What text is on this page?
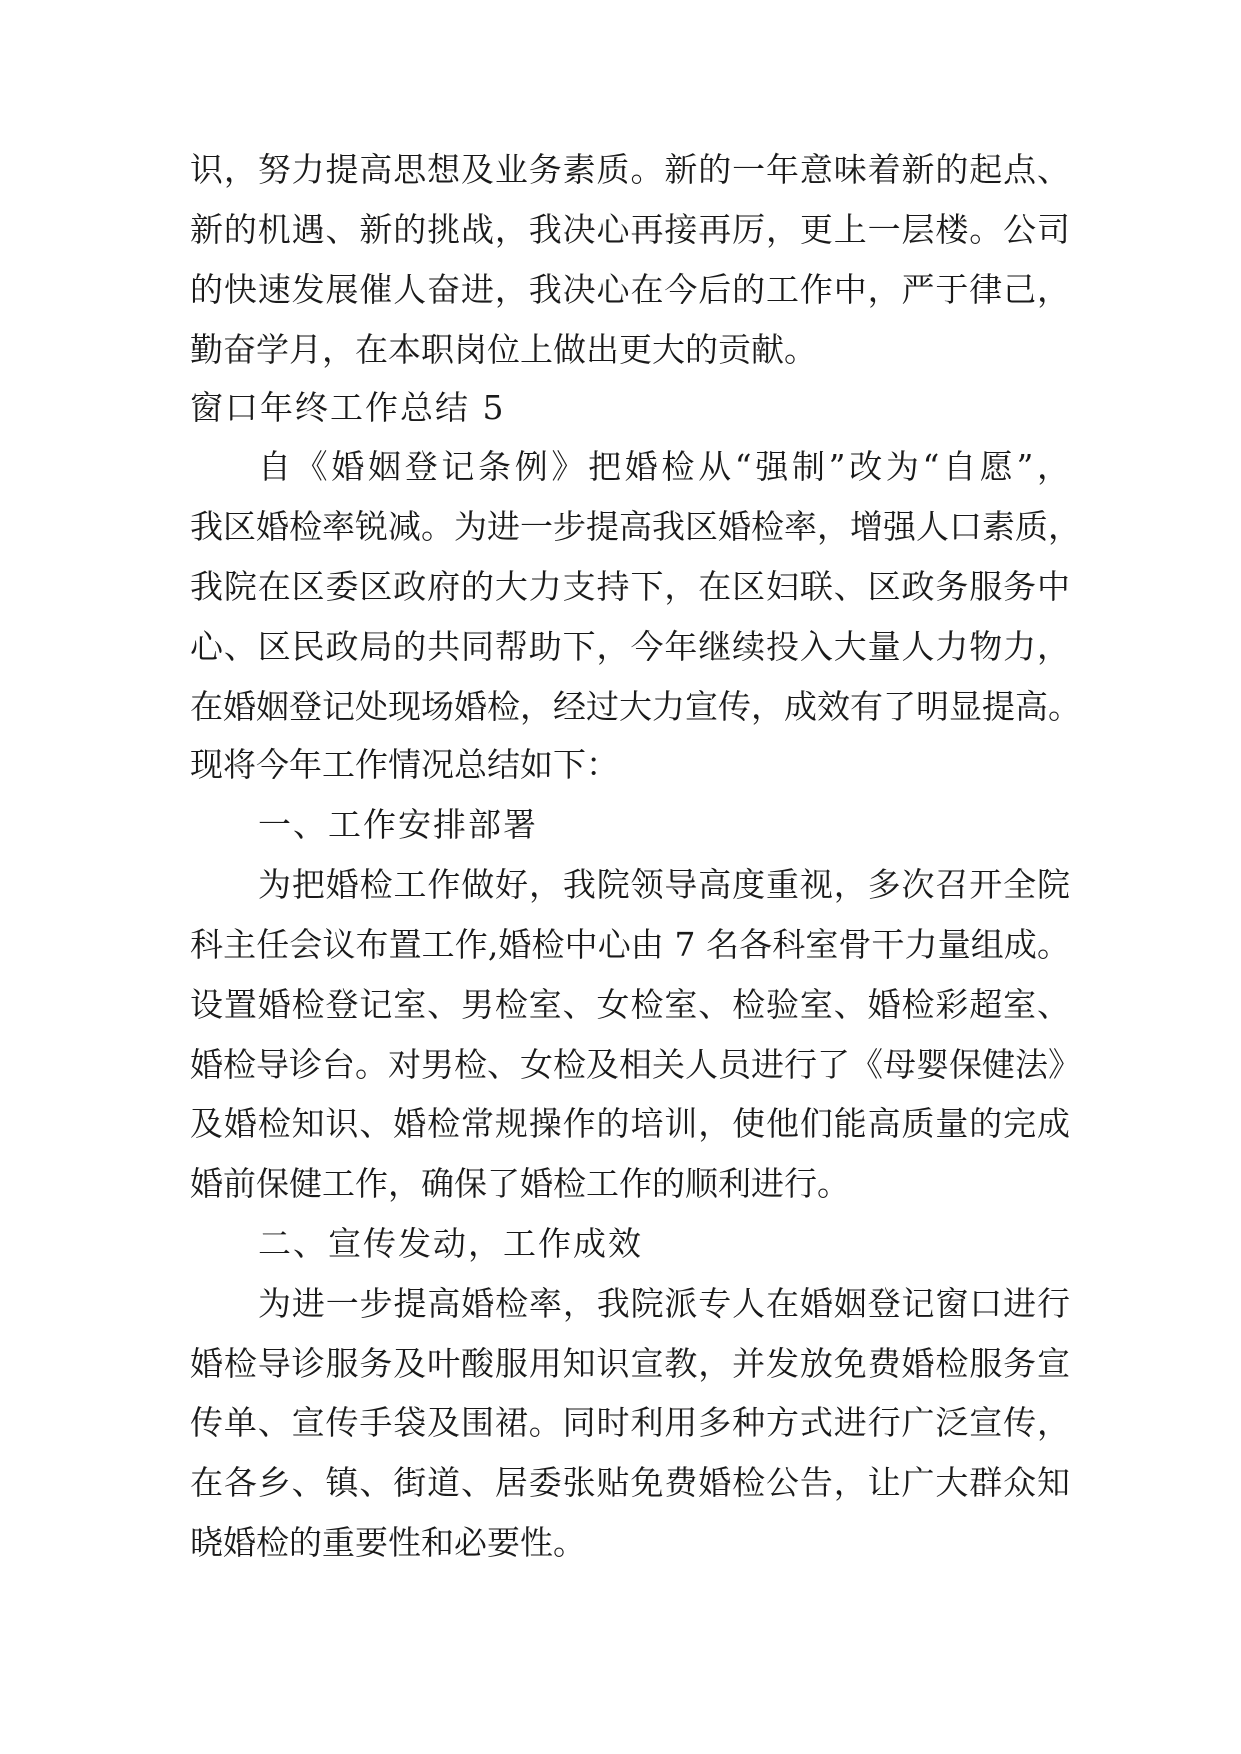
识，努力提高思想及业务素质。新的一年意味着新的起点、
新的机遇、新的挑战，我决心再接再厉，更上一层楼。公司
的快速发展催人奋进，我决心在今后的工作中，严于律己，
勤奋学月，在本职岗位上做出更大的贡献。
窗口年终工作总结 5
自《婚姻登记条例》把婚检从“强制”改为“自愿”，
我区婚检率锐减。为进一步提高我区婚检率，增强人口素质，
我院在区委区政府的大力支持下，在区妇联、区政务服务中
心、区民政局的共同帮助下，今年继续投入大量人力物力，
在婚姻登记处现场婚检，经过大力宣传，成效有了明显提高。
现将今年工作情况总结如下：
一、工作安排部署
为把婚检工作做好，我院领导高度重视，多次召开全院
科主任会议布置工作,婚检中心由 7 名各科室骨干力量组成。
设置婚检登记室、男检室、女检室、检验室、婚检彩超室、
婚检导诊台。对男检、女检及相关人员进行了《母婴保健法》
及婚检知识、婚检常规操作的培训，使他们能高质量的完成
婚前保健工作，确保了婚检工作的顺利进行。
二、宣传发动，工作成效
为进一步提高婚检率，我院派专人在婚姻登记窗口进行
婚检导诊服务及叶酸服用知识宣教，并发放免费婚检服务宣
传单、宣传手袋及围裙。同时利用多种方式进行广泛宣传，
在各乡、镇、街道、居委张贴免费婚检公告，让广大群众知
晓婚检的重要性和必要性。
